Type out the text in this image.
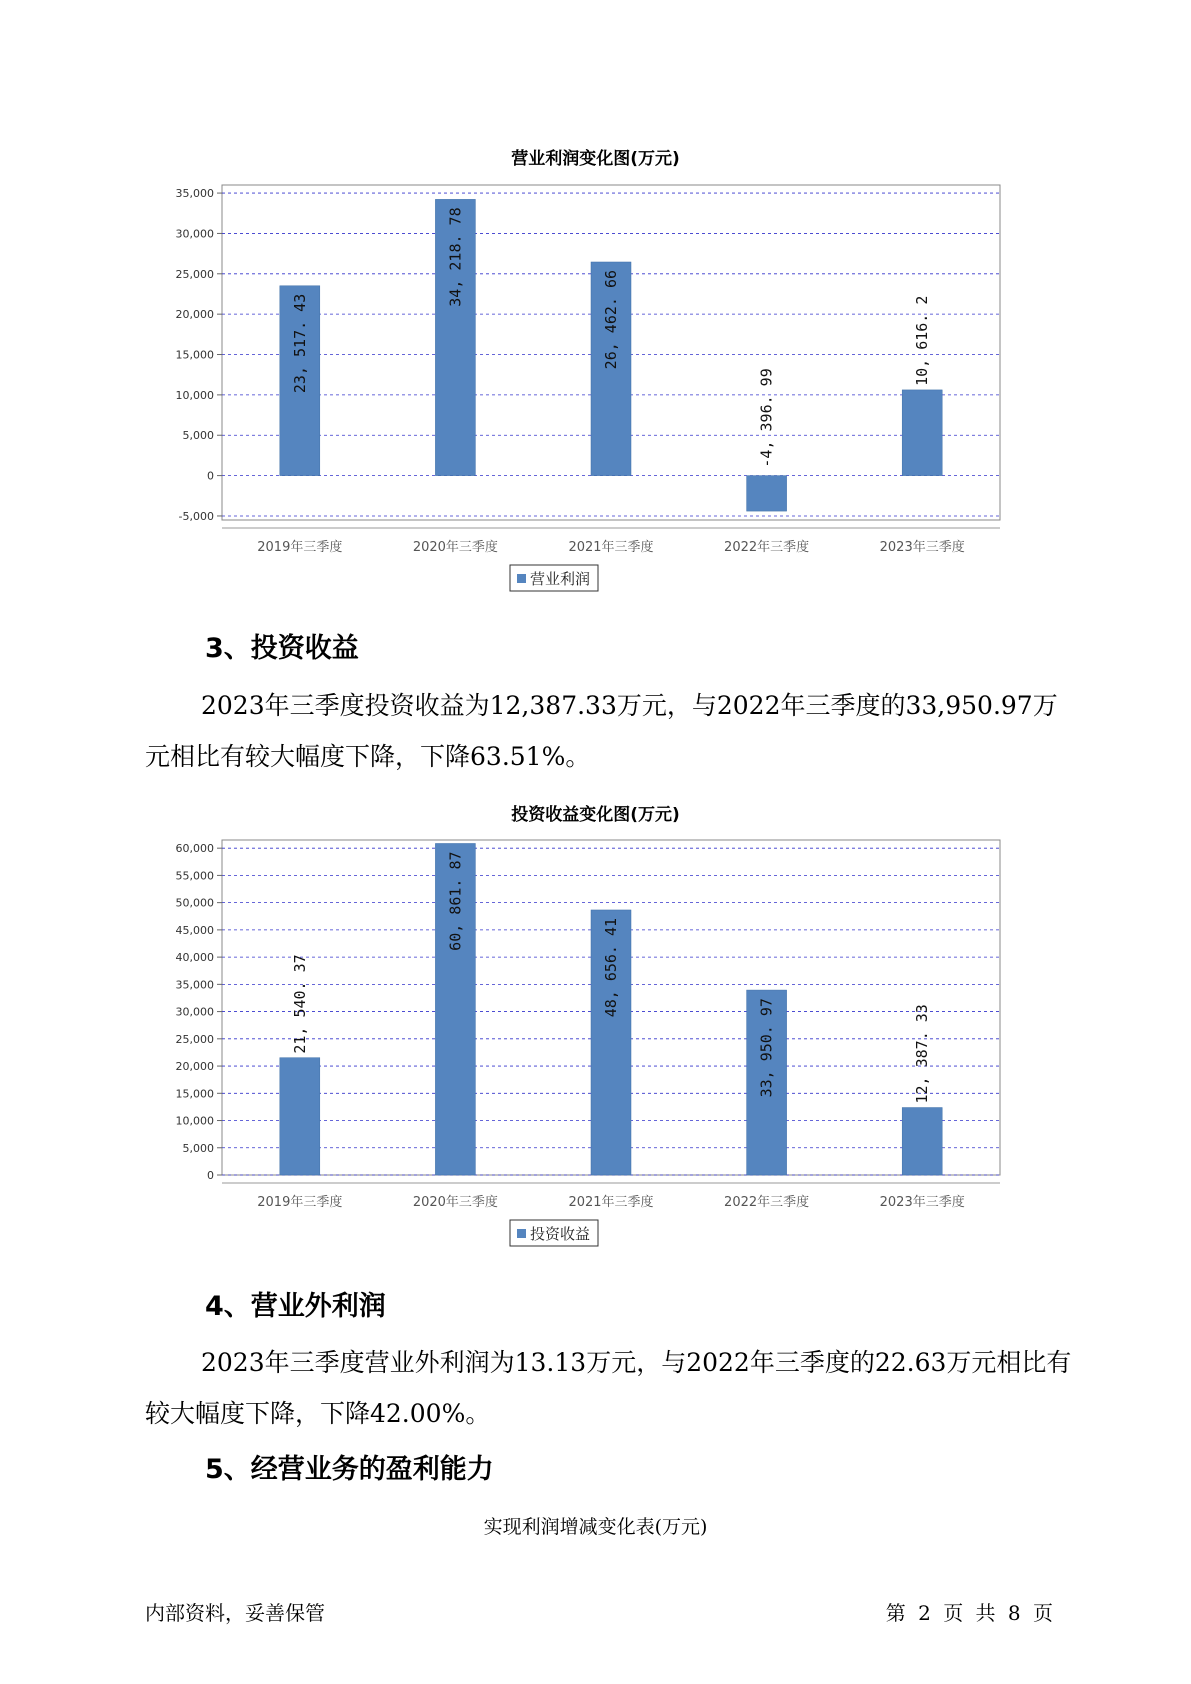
营业利润变化图(万元)
-5,000
0
5,000
10,000
15,000
20,000
25,000
30,000
35,000
23, 517. 43
2019年三季度
34, 218. 78
2020年三季度
26, 462. 66
2021年三季度
-4, 396. 99
2022年三季度
10, 616. 2
2023年三季度
营业利润
3、投资收益

2023年三季度投资收益为12,387.33万元，与2022年三季度的33,950.97万元相比有较大幅度下降，下降63.51%。

投资收益变化图(万元)
0
5,000
10,000
15,000
20,000
25,000
30,000
35,000
40,000
45,000
50,000
55,000
60,000
21, 540. 37
2019年三季度
60, 861. 87
2020年三季度
48, 656. 41
2021年三季度
33, 950. 97
2022年三季度
12, 387. 33
2023年三季度
投资收益
4、营业外利润

2023年三季度营业外利润为13.13万元，与2022年三季度的22.63万元相比有较大幅度下降，下降42.00%。

5、经营业务的盈利能力
实现利润增减变化表(万元)
内部资料，妥善保管	第 2 页 共 8 页
